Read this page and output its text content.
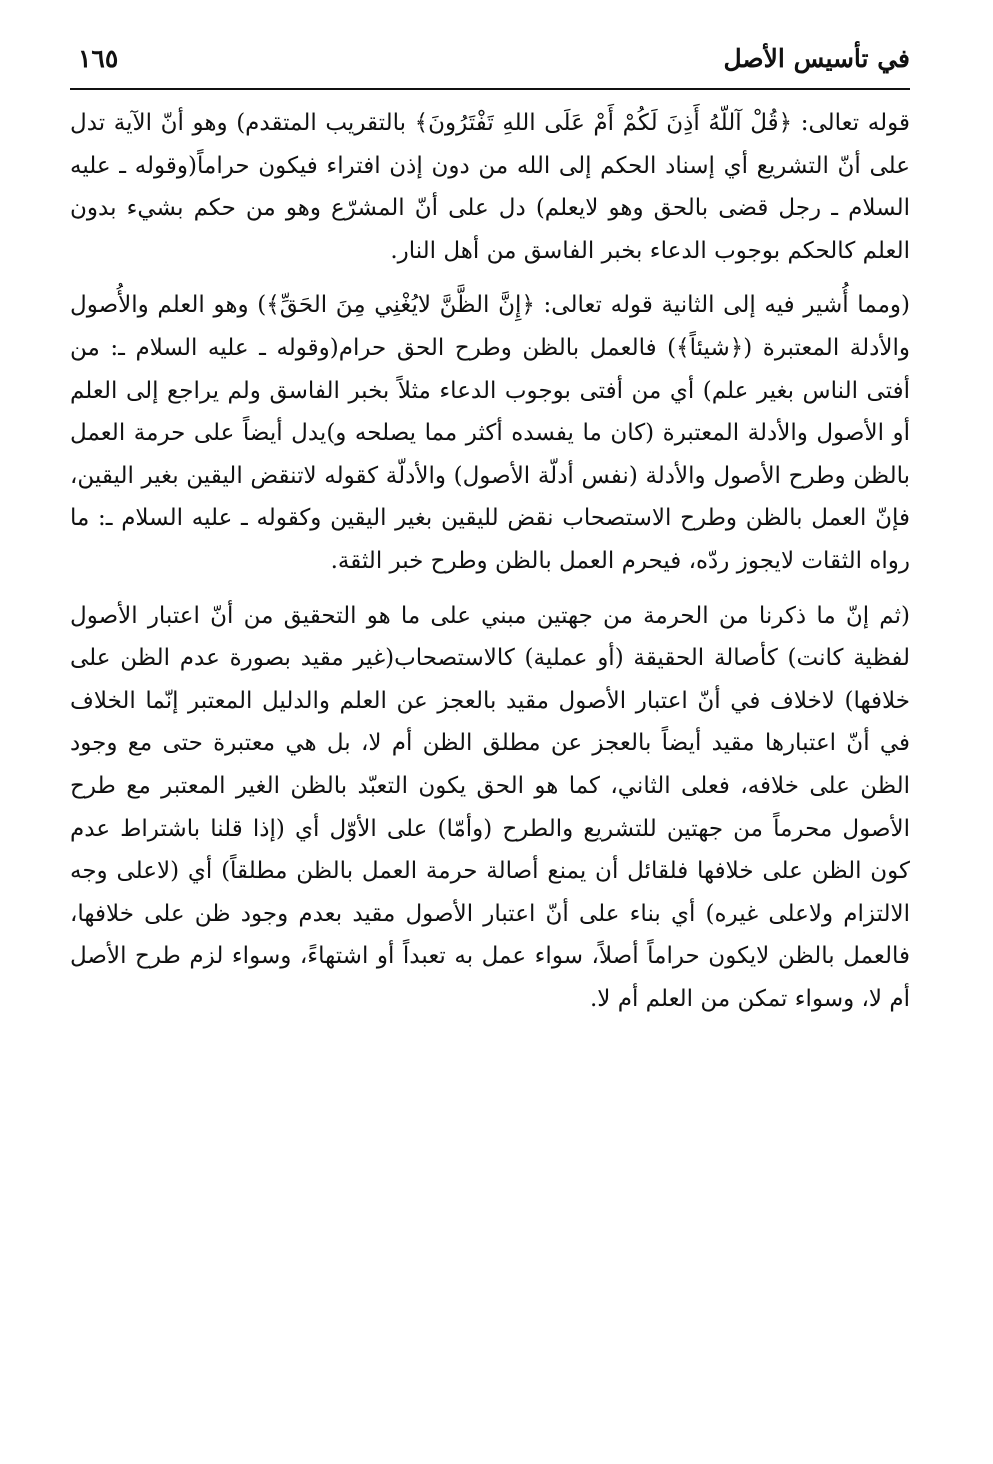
في تأسيس الأصل
١٦٥

قوله تعالى: ﴿قُلْ آللّهُ أَذِنَ لَكُمْ أَمْ عَلَى اللهِ تَفْتَرُونَ﴾ بالتقريب المتقدم) وهو أنّ الآية تدل على أنّ التشريع أي إسناد الحكم إلى الله من دون إذن افتراء فيكون حراماً(وقوله ـ عليه السلام ـ رجل قضى بالحق وهو لايعلم) دل على أنّ المشرّع وهو من حكم بشيء بدون العلم كالحكم بوجوب الدعاء بخبر الفاسق من أهل النار.

(ومما أُشير فيه إلى الثانية قوله تعالى: ﴿إِنَّ الظَّنَّ لايُغْنِي مِنَ الحَقِّ﴾) وهو العلم والأُصول والأدلة المعتبرة (﴿شيئاً﴾) فالعمل بالظن وطرح الحق حرام(وقوله ـ عليه السلام ـ: من أفتى الناس بغير علم) أي من أفتى بوجوب الدعاء مثلاً بخبر الفاسق ولم يراجع إلى العلم أو الأصول والأدلة المعتبرة (كان ما يفسده أكثر مما يصلحه و)يدل أيضاً على حرمة العمل بالظن وطرح الأصول والأدلة (نفس أدلّة الأصول) والأدلّة كقوله لاتنقض اليقين بغير اليقين، فإنّ العمل بالظن وطرح الاستصحاب نقض لليقين بغير اليقين وكقوله ـ عليه السلام ـ: ما رواه الثقات لايجوز ردّه، فيحرم العمل بالظن وطرح خبر الثقة.

(ثم إنّ ما ذكرنا من الحرمة من جهتين مبني على ما هو التحقيق من أنّ اعتبار الأصول لفظية كانت) كأصالة الحقيقة (أو عملية) كالاستصحاب(غير مقيد بصورة عدم الظن على خلافها) لاخلاف في أنّ اعتبار الأصول مقيد بالعجز عن العلم والدليل المعتبر إنّما الخلاف في أنّ اعتبارها مقيد أيضاً بالعجز عن مطلق الظن أم لا، بل هي معتبرة حتى مع وجود الظن على خلافه، فعلى الثاني، كما هو الحق يكون التعبّد بالظن الغير المعتبر مع طرح الأصول محرماً من جهتين للتشريع والطرح (وأمّا) على الأوّل أي (إذا قلنا باشتراط عدم كون الظن على خلافها فلقائل أن يمنع أصالة حرمة العمل بالظن مطلقاً) أي (لاعلى وجه الالتزام ولاعلى غيره) أي بناء على أنّ اعتبار الأصول مقيد بعدم وجود ظن على خلافها، فالعمل بالظن لايكون حراماً أصلاً، سواء عمل به تعبداً أو اشتهاءً، وسواء لزم طرح الأصل أم لا، وسواء تمكن من العلم أم لا.
